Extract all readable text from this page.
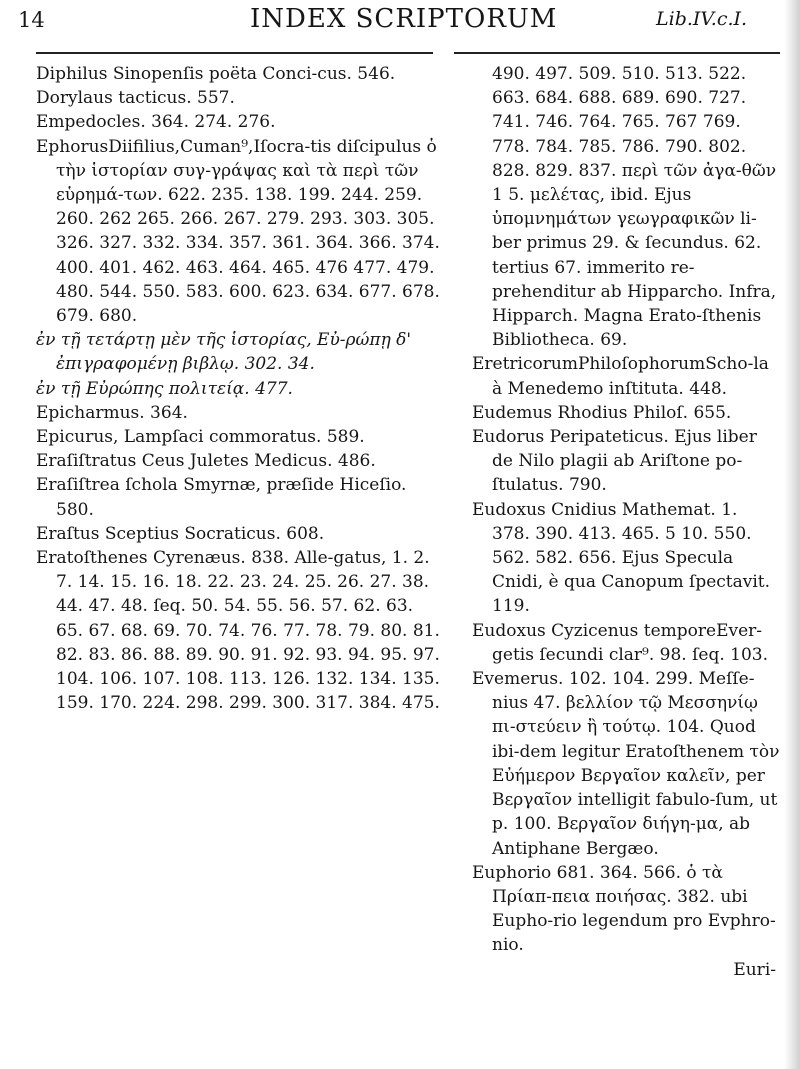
14	INDEX SCRIPTORUM	Lib.IV.c.I.

Diphilus Sinopenſis poëta Conci-cus. 546.

Dorylaus tacticus. 557.

Empedocles. 364. 274. 276.

EphorusDiifilius,Cuman⁹,Iſocra-tis diſcipulus ὁ τὴν ἱστορίαν συγ-γράψας καὶ τὰ περὶ τῶν εὑρημά-των. 622. 235. 138. 199. 244. 259. 260. 262 265. 266. 267. 279. 293. 303. 305. 326. 327. 332. 334. 357. 361. 364. 366. 374. 400. 401. 462. 463. 464. 465. 476 477. 479. 480. 544. 550. 583. 600. 623. 634. 677. 678. 679. 680.

ἐν τῇ τετάρτῃ μὲν τῆς ἱστορίας, Εὐ-ρώπῃ δ' ἐπιγραφομένῃ βιβλῳ. 302. 34.

ἐν τῇ Εὐρώπης πολιτείᾳ. 477.

Epicharmus. 364.

Epicurus, Lampſaci commoratus. 589.

Eraſiſtratus Ceus Juletes Medicus. 486.

Eraſiſtrea ſchola Smyrnæ, præſide Hiceſio. 580.

Eraſtus Sceptius Socraticus. 608.

Eratoſthenes Cyrenæus. 838. Alle-gatus, 1. 2. 7. 14. 15. 16. 18. 22. 23. 24. 25. 26. 27. 38. 44. 47. 48. ſeq. 50. 54. 55. 56. 57. 62. 63. 65. 67. 68. 69. 70. 74. 76. 77. 78. 79. 80. 81. 82. 83. 86. 88. 89. 90. 91. 92. 93. 94. 95. 97. 104. 106. 107. 108. 113. 126. 132. 134. 135. 159. 170. 224. 298. 299. 300. 317. 384. 475.

490. 497. 509. 510. 513. 522. 663. 684. 688. 689. 690. 727. 741. 746. 764. 765. 767 769. 778. 784. 785. 786. 790. 802. 828. 829. 837. περὶ τῶν ἀγα-θῶν 1 5. μελέτας, ibid. Ejus ὑπομνημάτων γεωγραφικῶν li-ber primus 29. & ſecundus. 62. tertius 67. immerito re-prehenditur ab Hipparcho. Infra, Hipparch. Magna Erato-ſthenis Bibliotheca. 69.

EretricorumPhiloſophorumScho-la à Menedemo inſtituta. 448.

Eudemus Rhodius Philoſ. 655.

Eudorus Peripateticus. Ejus liber de Nilo plagii ab Ariſtone po-ſtulatus. 790.

Eudoxus Cnidius Mathemat. 1. 378. 390. 413. 465. 5 10. 550. 562. 582. 656. Ejus Specula Cnidi, è qua Canopum ſpectavit. 119.

Eudoxus Cyzicenus temporeEver-getis ſecundi clar⁹. 98. ſeq. 103.

Evemerus. 102. 104. 299. Meſſe-nius 47. βελλίον τῷ Μεσσηνίῳ πι-στεύειν ἢ τούτῳ. 104. Quod ibi-dem legitur Eratoſthenem τὸν Εὐήμερον Βεργαῖον καλεῖν, per Βεργαῖον intelligit fabulo-ſum, ut p. 100. Βεργαῖον διήγη-μα, ab Antiphane Bergæo.

Euphorio 681. 364. 566. ὁ τὰ Πρίαπ-πεια ποιήσας. 382. ubi Eupho-rio legendum pro Evphro-nio.

Euri-
